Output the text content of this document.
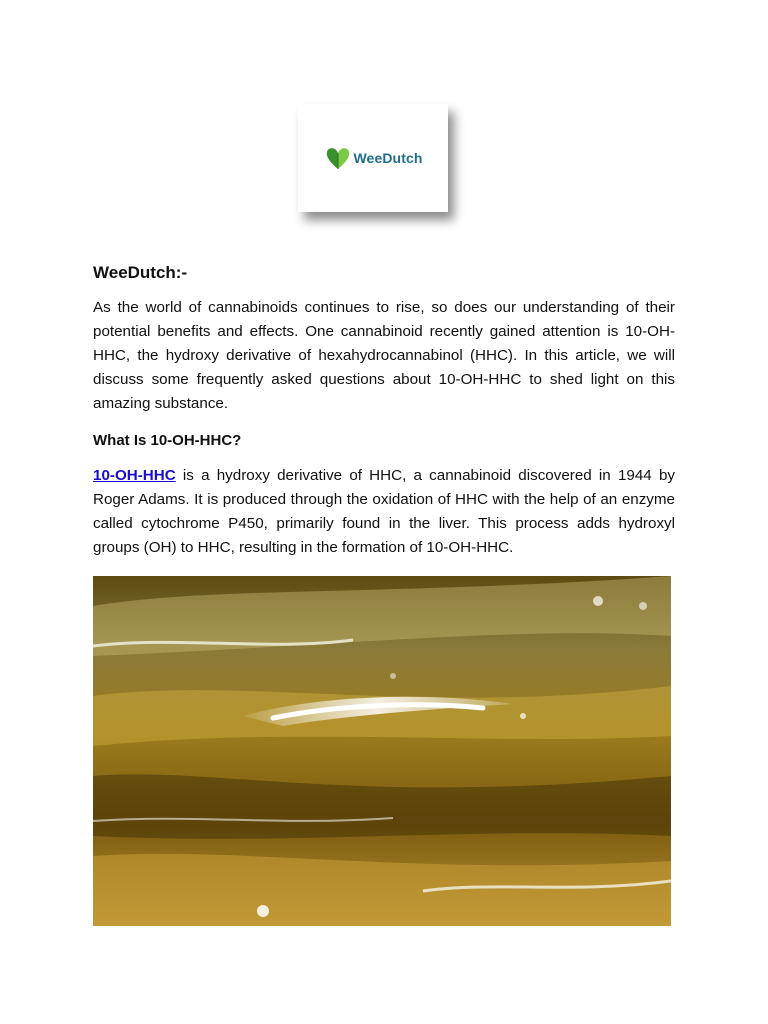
WeeDutch
WeeDutch:-

As the world of cannabinoids continues to rise, so does our understanding of their potential benefits and effects. One cannabinoid recently gained attention is 10-OH-HHC, the hydroxy derivative of hexahydrocannabinol (HHC). In this article, we will discuss some frequently asked questions about 10-OH-HHC to shed light on this amazing substance.

What Is 10-OH-HHC?

10-OH-HHC is a hydroxy derivative of HHC, a cannabinoid discovered in 1944 by Roger Adams. It is produced through the oxidation of HHC with the help of an enzyme called cytochrome P450, primarily found in the liver. This process adds hydroxyl groups (OH) to HHC, resulting in the formation of 10-OH-HHC.
